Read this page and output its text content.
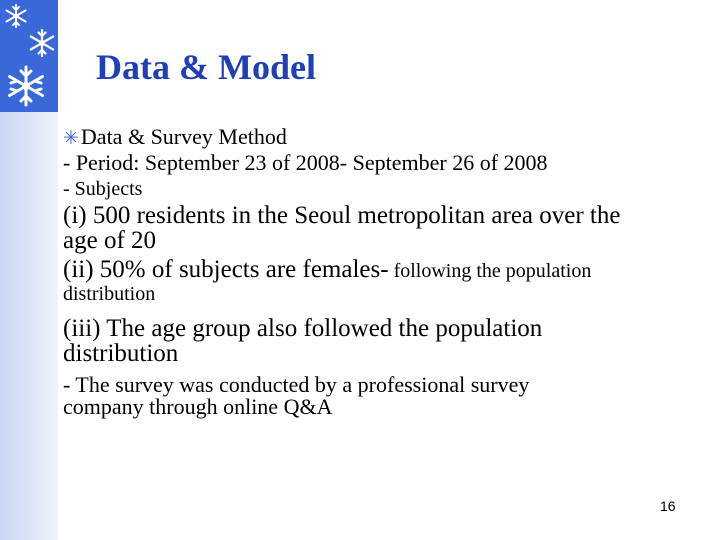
Data & Model
✳Data & Survey Method
- Period: September 23 of 2008- September 26 of 2008
- Subjects
(i) 500 residents in the Seoul metropolitan area over the
age of 20
(ii) 50% of subjects are females- following the population
distribution
(iii) The age group also followed the population
distribution
- The survey was conducted by a professional survey
company through online Q&A
16
